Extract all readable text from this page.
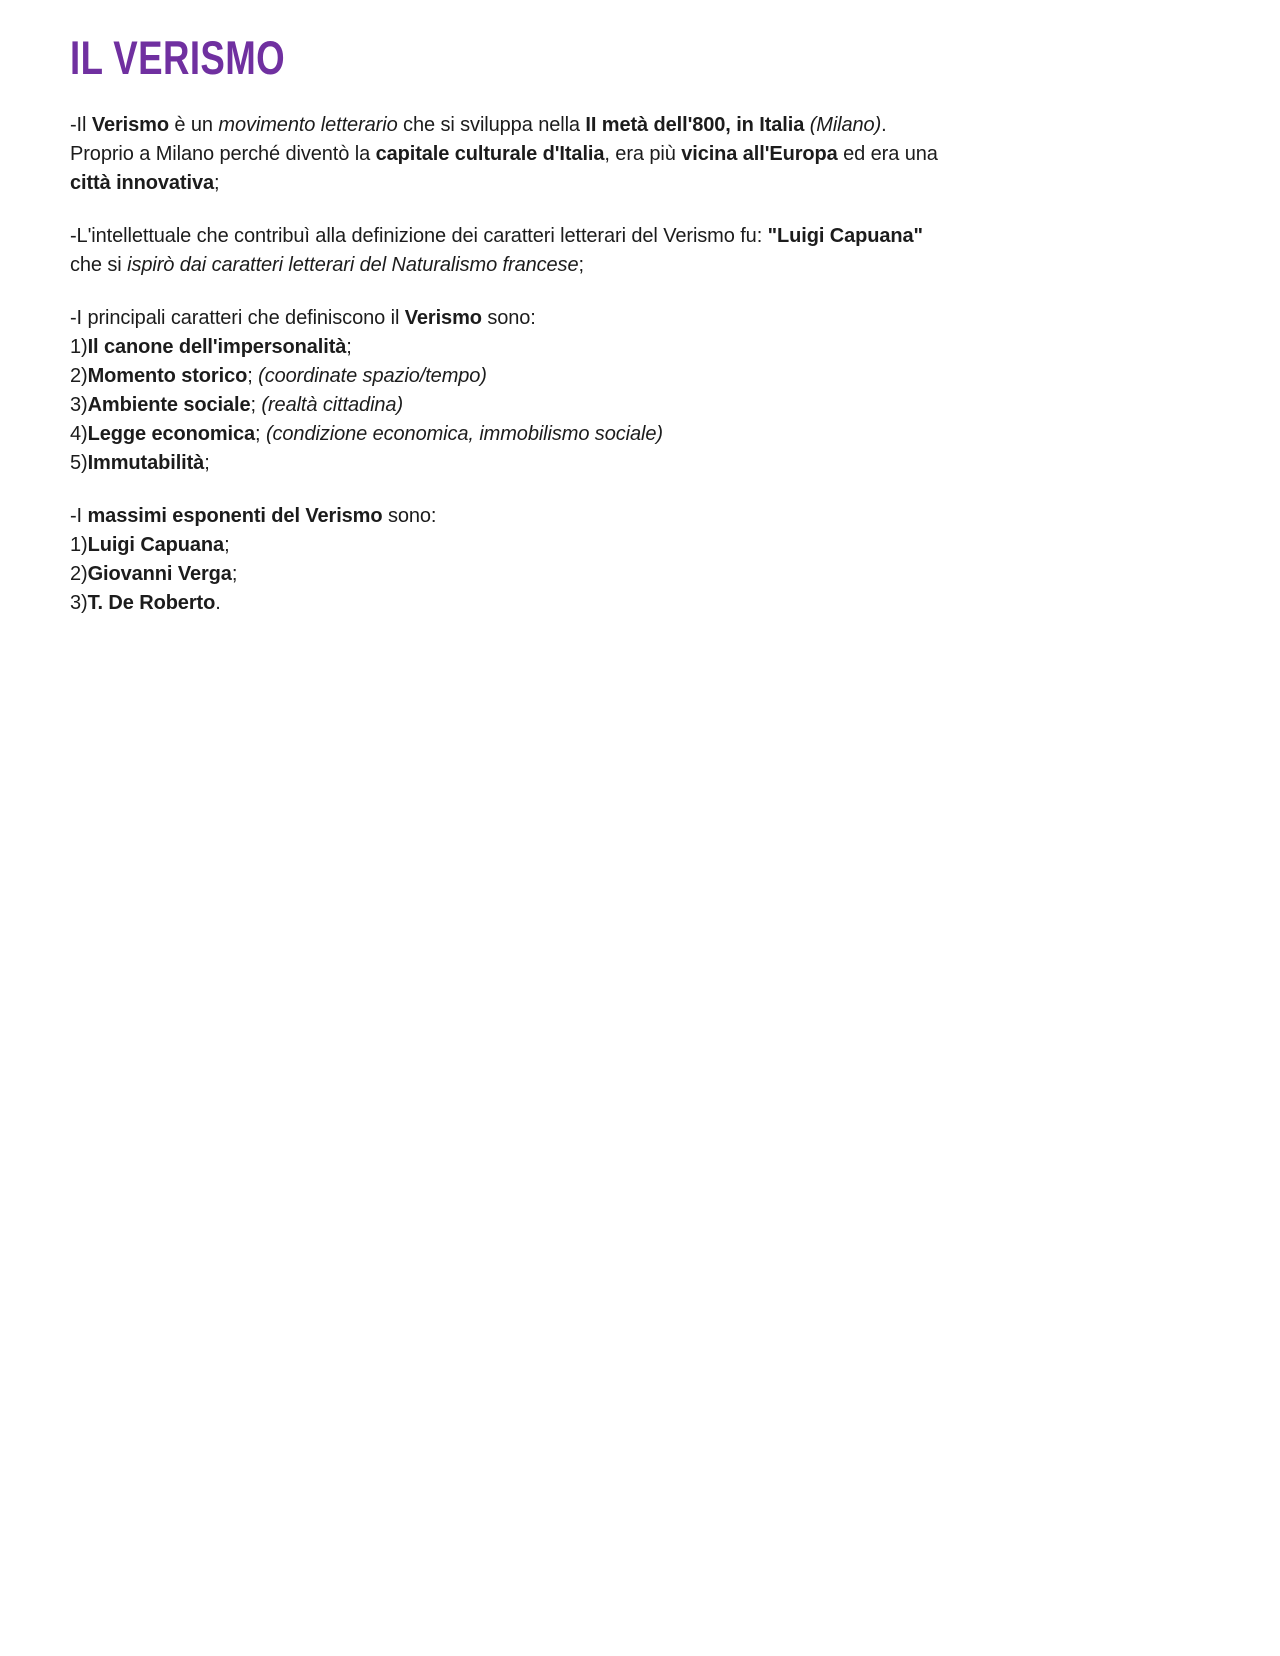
IL VERISMO

-Il Verismo è un movimento letterario che si sviluppa nella II metà dell'800, in Italia (Milano).
Proprio a Milano perché diventò la capitale culturale d'Italia, era più vicina all'Europa ed era una
città innovativa;

-L'intellettuale che contribuì alla definizione dei caratteri letterari del Verismo fu: "Luigi Capuana"
che si ispirò dai caratteri letterari del Naturalismo francese;

-I principali caratteri che definiscono il Verismo sono:
1)Il canone dell'impersonalità;
2)Momento storico; (coordinate spazio/tempo)
3)Ambiente sociale; (realtà cittadina)
4)Legge economica; (condizione economica, immobilismo sociale)
5)Immutabilità;

-I massimi esponenti del Verismo sono:
1)Luigi Capuana;
2)Giovanni Verga;
3)T. De Roberto.
